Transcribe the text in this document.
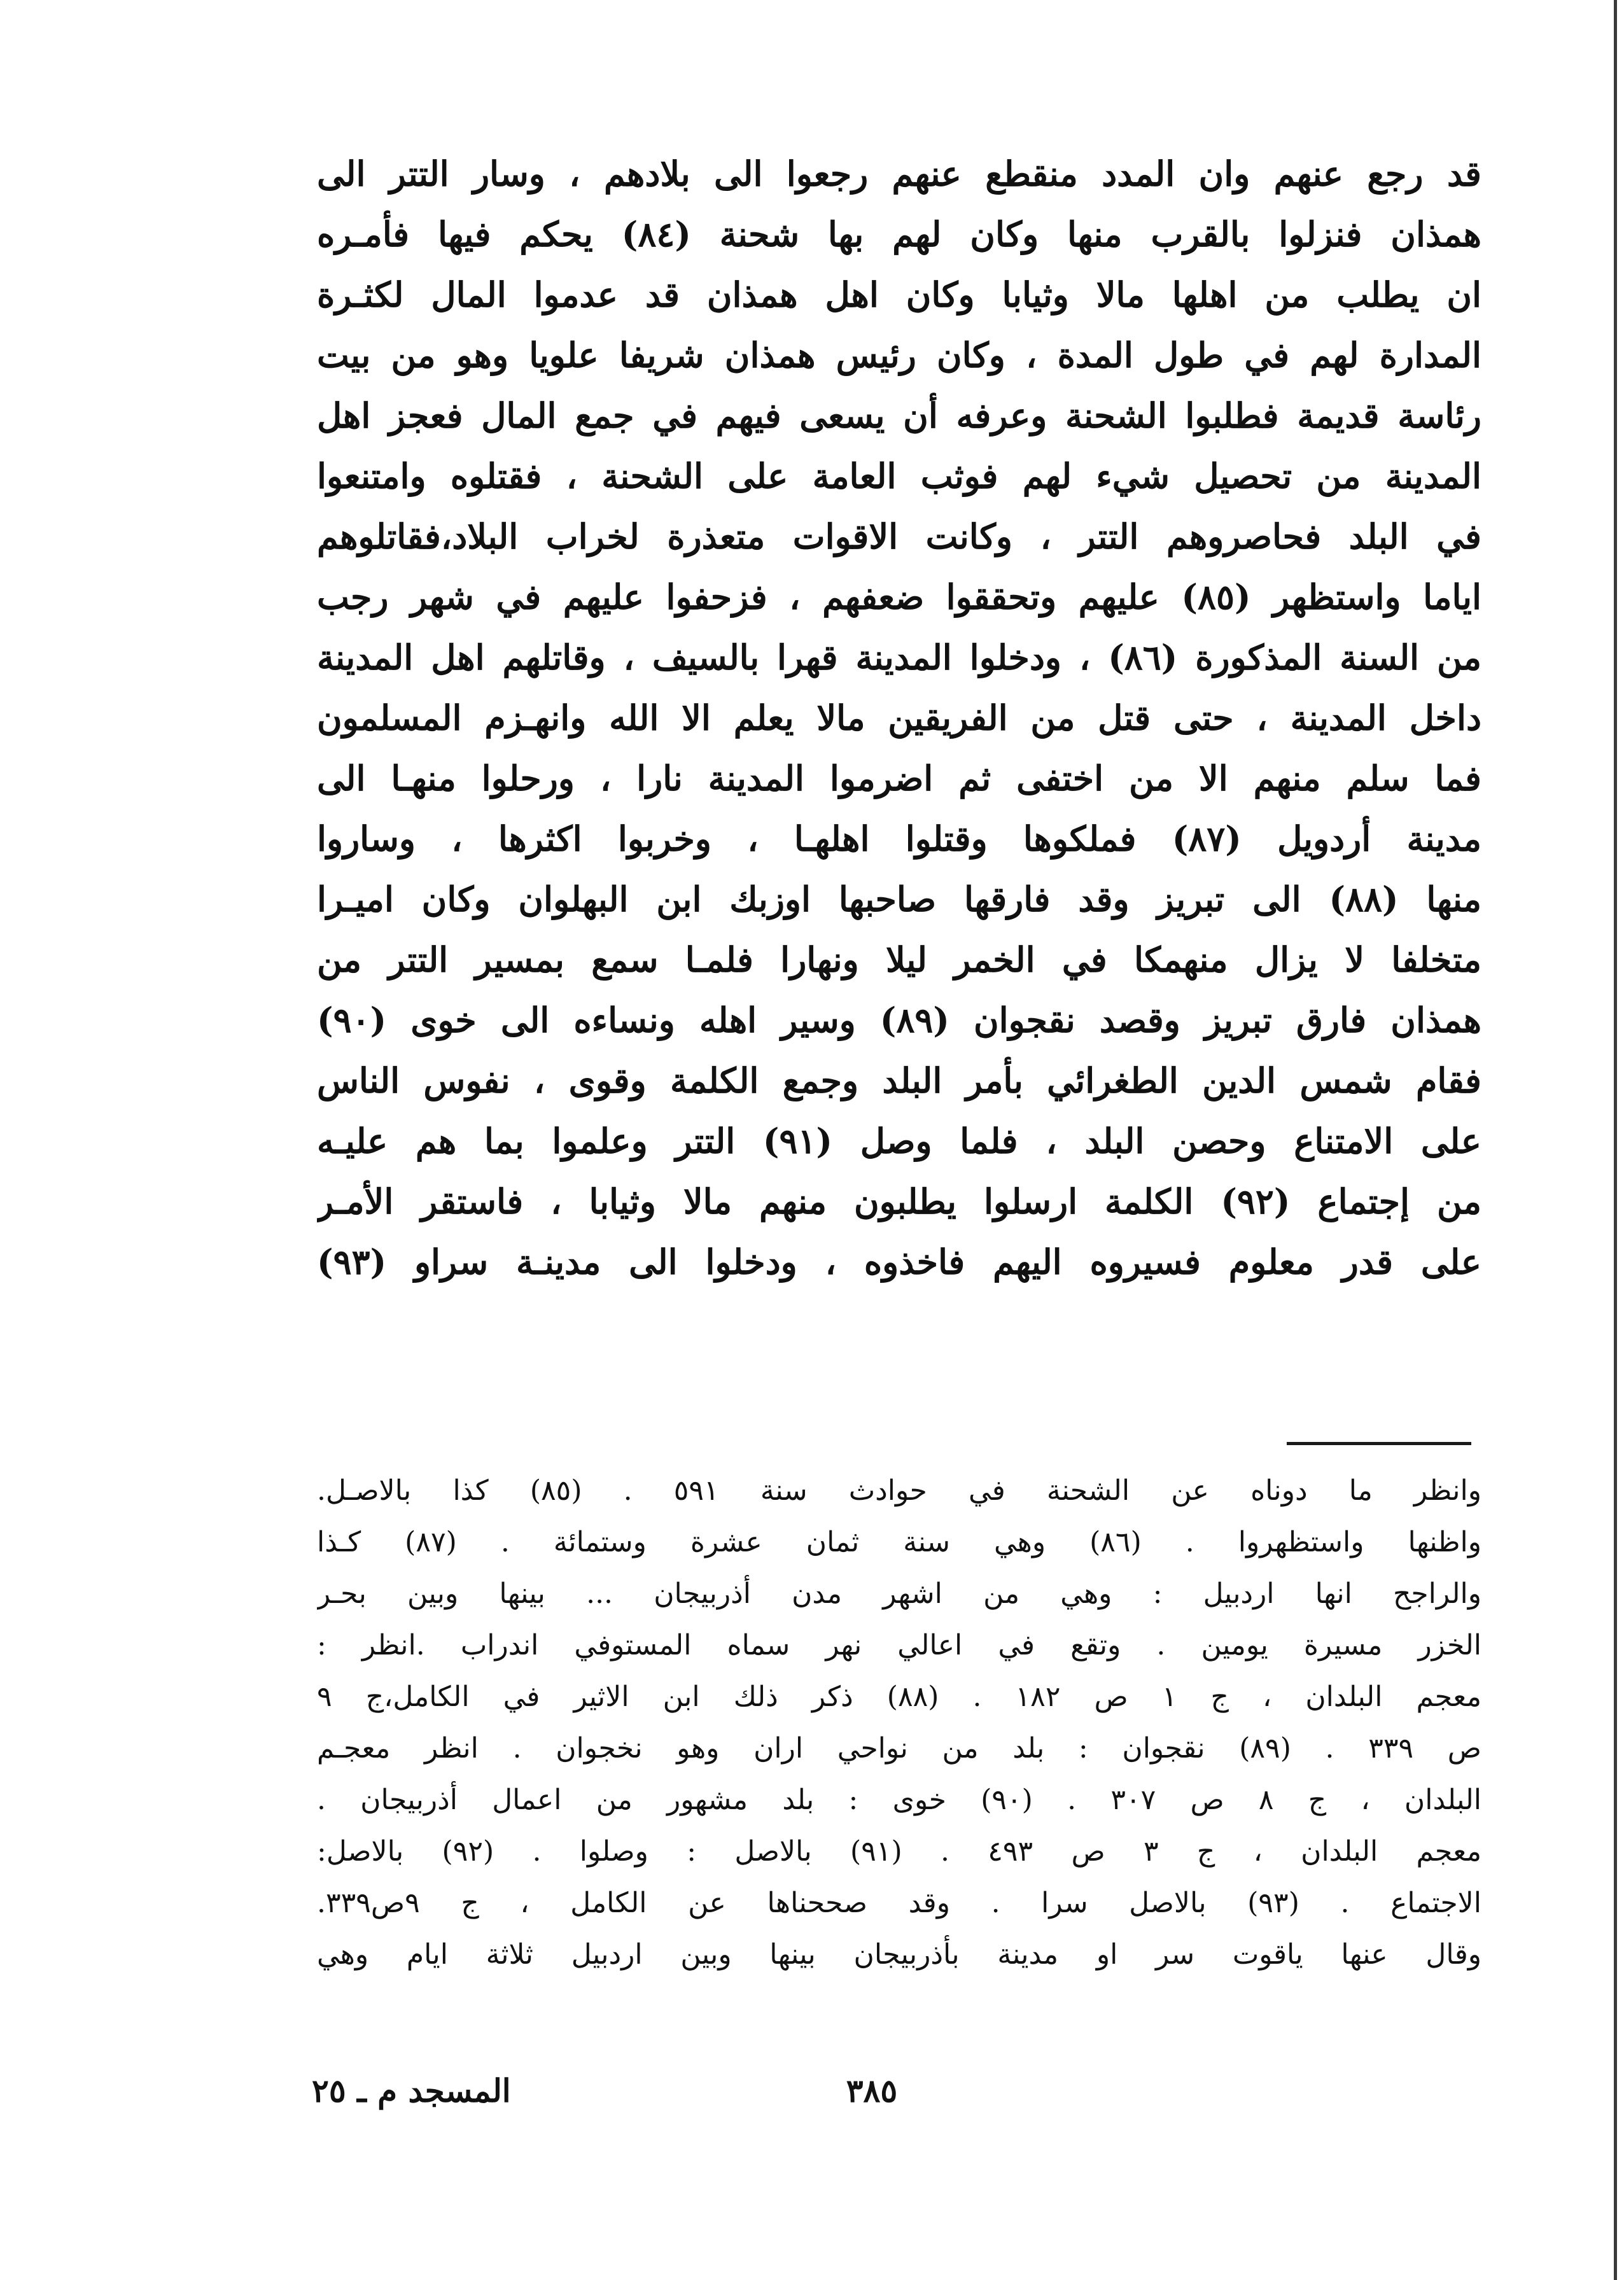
قد رجع عنهم وان المدد منقطع عنهم رجعوا الى بلادهم ، وسار التتر الى
همذان فنزلوا بالقرب منها وكان لهم بها شحنة (٨٤) يحكم فيها فأمـره
ان يطلب من اهلها مالا وثيابا وكان اهل همذان قد عدموا المال لكثـرة
المدارة لهم في طول المدة ، وكان رئيس همذان شريفا علويا وهو من بيت
رئاسة قديمة فطلبوا الشحنة وعرفه أن يسعى فيهم في جمع المال فعجز اهل
المدينة من تحصيل شيء لهم فوثب العامة على الشحنة ، فقتلوه وامتنعوا
في البلد فحاصروهم التتر ، وكانت الاقوات متعذرة لخراب البلاد،فقاتلوهم
اياما واستظهر (٨٥) عليهم وتحققوا ضعفهم ، فزحفوا عليهم في شهر رجب
من السنة المذكورة (٨٦) ، ودخلوا المدينة قهرا بالسيف ، وقاتلهم اهل المدينة
داخل المدينة ، حتى قتل من الفريقين مالا يعلم الا الله وانهـزم المسلمون
فما سلم منهم الا من اختفى ثم اضرموا المدينة نارا ، ورحلوا منهـا الى
مدينة أردويل (٨٧) فملكوها وقتلوا اهلهـا ، وخربوا اكثرها ، وساروا
منها (٨٨) الى تبريز وقد فارقها صاحبها اوزبك ابن البهلوان وكان اميـرا
متخلفا لا يزال منهمكا في الخمر ليلا ونهارا فلمـا سمع بمسير التتر من
همذان فارق تبريز وقصد نقجوان (٨٩) وسير اهله ونساءه الى خوى (٩٠)
فقام شمس الدين الطغرائي بأمر البلد وجمع الكلمة وقوى ، نفوس الناس
على الامتناع وحصن البلد ، فلما وصل (٩١) التتر وعلموا بما هم عليـه
من إجتماع (٩٢) الكلمة ارسلوا يطلبون منهم مالا وثيابا ، فاستقر الأمـر
على قدر معلوم فسيروه اليهم فاخذوه ، ودخلوا الى مدينـة سراو (٩٣)
وانظر ما دوناه عن الشحنة في حوادث سنة ٥٩١ . (٨٥) كذا بالاصـل.
واظنها واستظهروا . (٨٦) وهي سنة ثمان عشرة وستمائة . (٨٧) كـذا
والراجح انها اردبيل : وهي من اشهر مدن أذربيجان ... بينها وبين بحـر
الخزر مسيرة يومين . وتقع في اعالي نهر سماه المستوفي اندراب .انظر :
معجم البلدان ، ج ١ ص ١٨٢ . (٨٨) ذكر ذلك ابن الاثير في الكامل،ج ٩
ص ٣٣٩ . (٨٩) نقجوان : بلد من نواحي اران وهو نخجوان . انظر معجـم
البلدان ، ج ٨ ص ٣٠٧ . (٩٠) خوى : بلد مشهور من اعمال أذربيجان .
معجم البلدان ، ج ٣ ص ٤٩٣ . (٩١) بالاصل : وصلوا . (٩٢) بالاصل:
الاجتماع . (٩٣) بالاصل سرا . وقد صححناها عن الكامل ، ج ٩ص٣٣٩.
وقال عنها ياقوت سر او مدينة بأذربيجان بينها وبين اردبيل ثلاثة ايام وهي
٣٨٥
المسجد م ـ ٢٥
